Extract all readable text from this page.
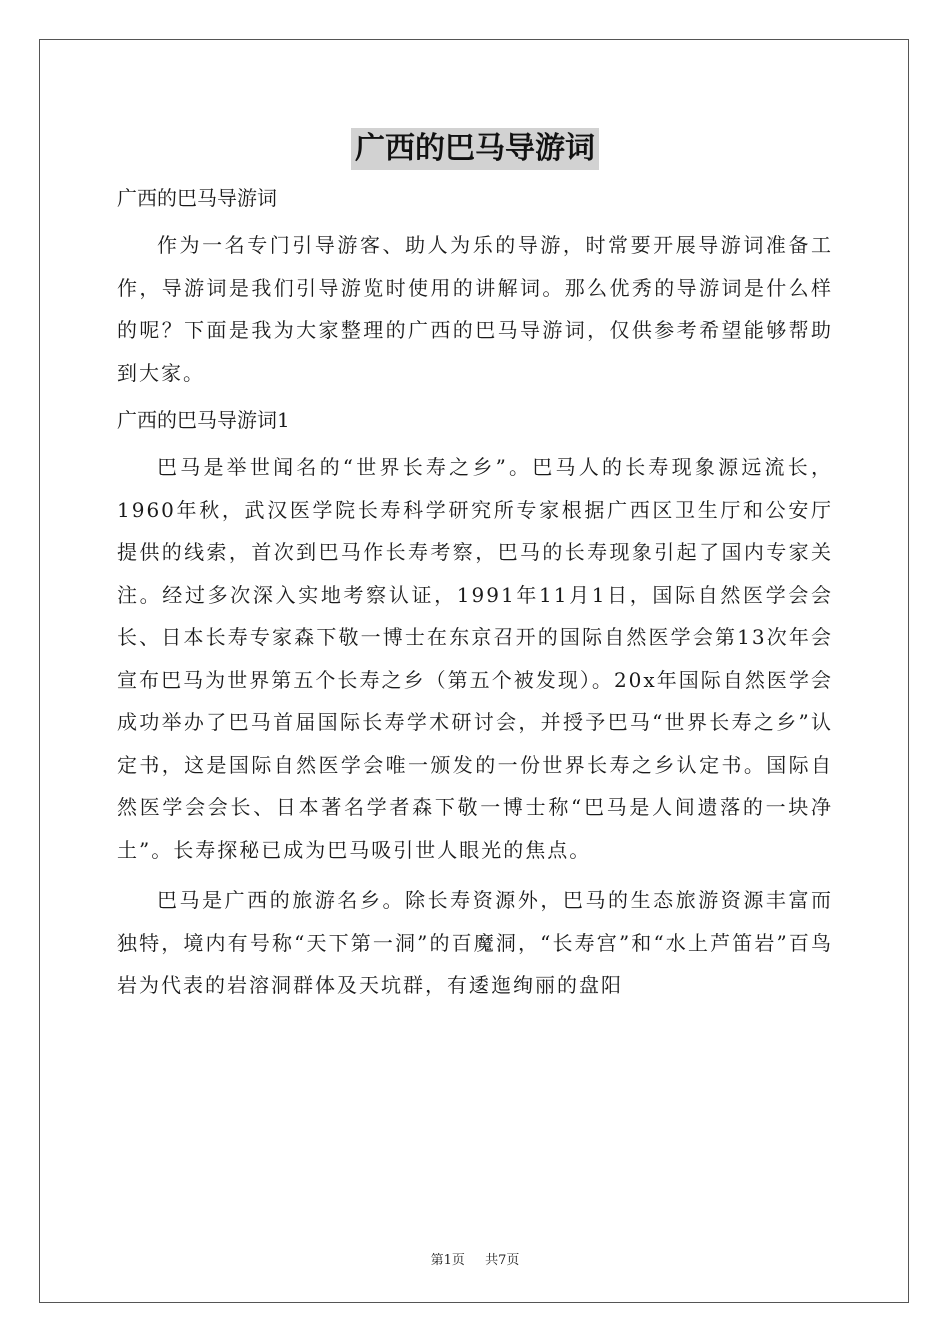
广西的巴马导游词
广西的巴马导游词

作为一名专门引导游客、助人为乐的导游，时常要开展导游词准备工作，导游词是我们引导游览时使用的讲解词。那么优秀的导游词是什么样的呢？下面是我为大家整理的广西的巴马导游词，仅供参考希望能够帮助到大家。

广西的巴马导游词1

巴马是举世闻名的“世界长寿之乡”。巴马人的长寿现象源远流长，1960年秋，武汉医学院长寿科学研究所专家根据广西区卫生厅和公安厅提供的线索，首次到巴马作长寿考察，巴马的长寿现象引起了国内专家关注。经过多次深入实地考察认证，1991年11月1日，国际自然医学会会长、日本长寿专家森下敬一博士在东京召开的国际自然医学会第13次年会宣布巴马为世界第五个长寿之乡（第五个被发现）。20x年国际自然医学会成功举办了巴马首届国际长寿学术研讨会，并授予巴马“世界长寿之乡”认定书，这是国际自然医学会唯一颁发的一份世界长寿之乡认定书。国际自然医学会会长、日本著名学者森下敬一博士称“巴马是人间遗落的一块净土”。长寿探秘已成为巴马吸引世人眼光的焦点。

巴马是广西的旅游名乡。除长寿资源外，巴马的生态旅游资源丰富而独特，境内有号称“天下第一洞”的百魔洞，“长寿宫”和“水上芦笛岩”百鸟岩为代表的岩溶洞群体及天坑群，有逶迤绚丽的盘阳

第1页 共7页
